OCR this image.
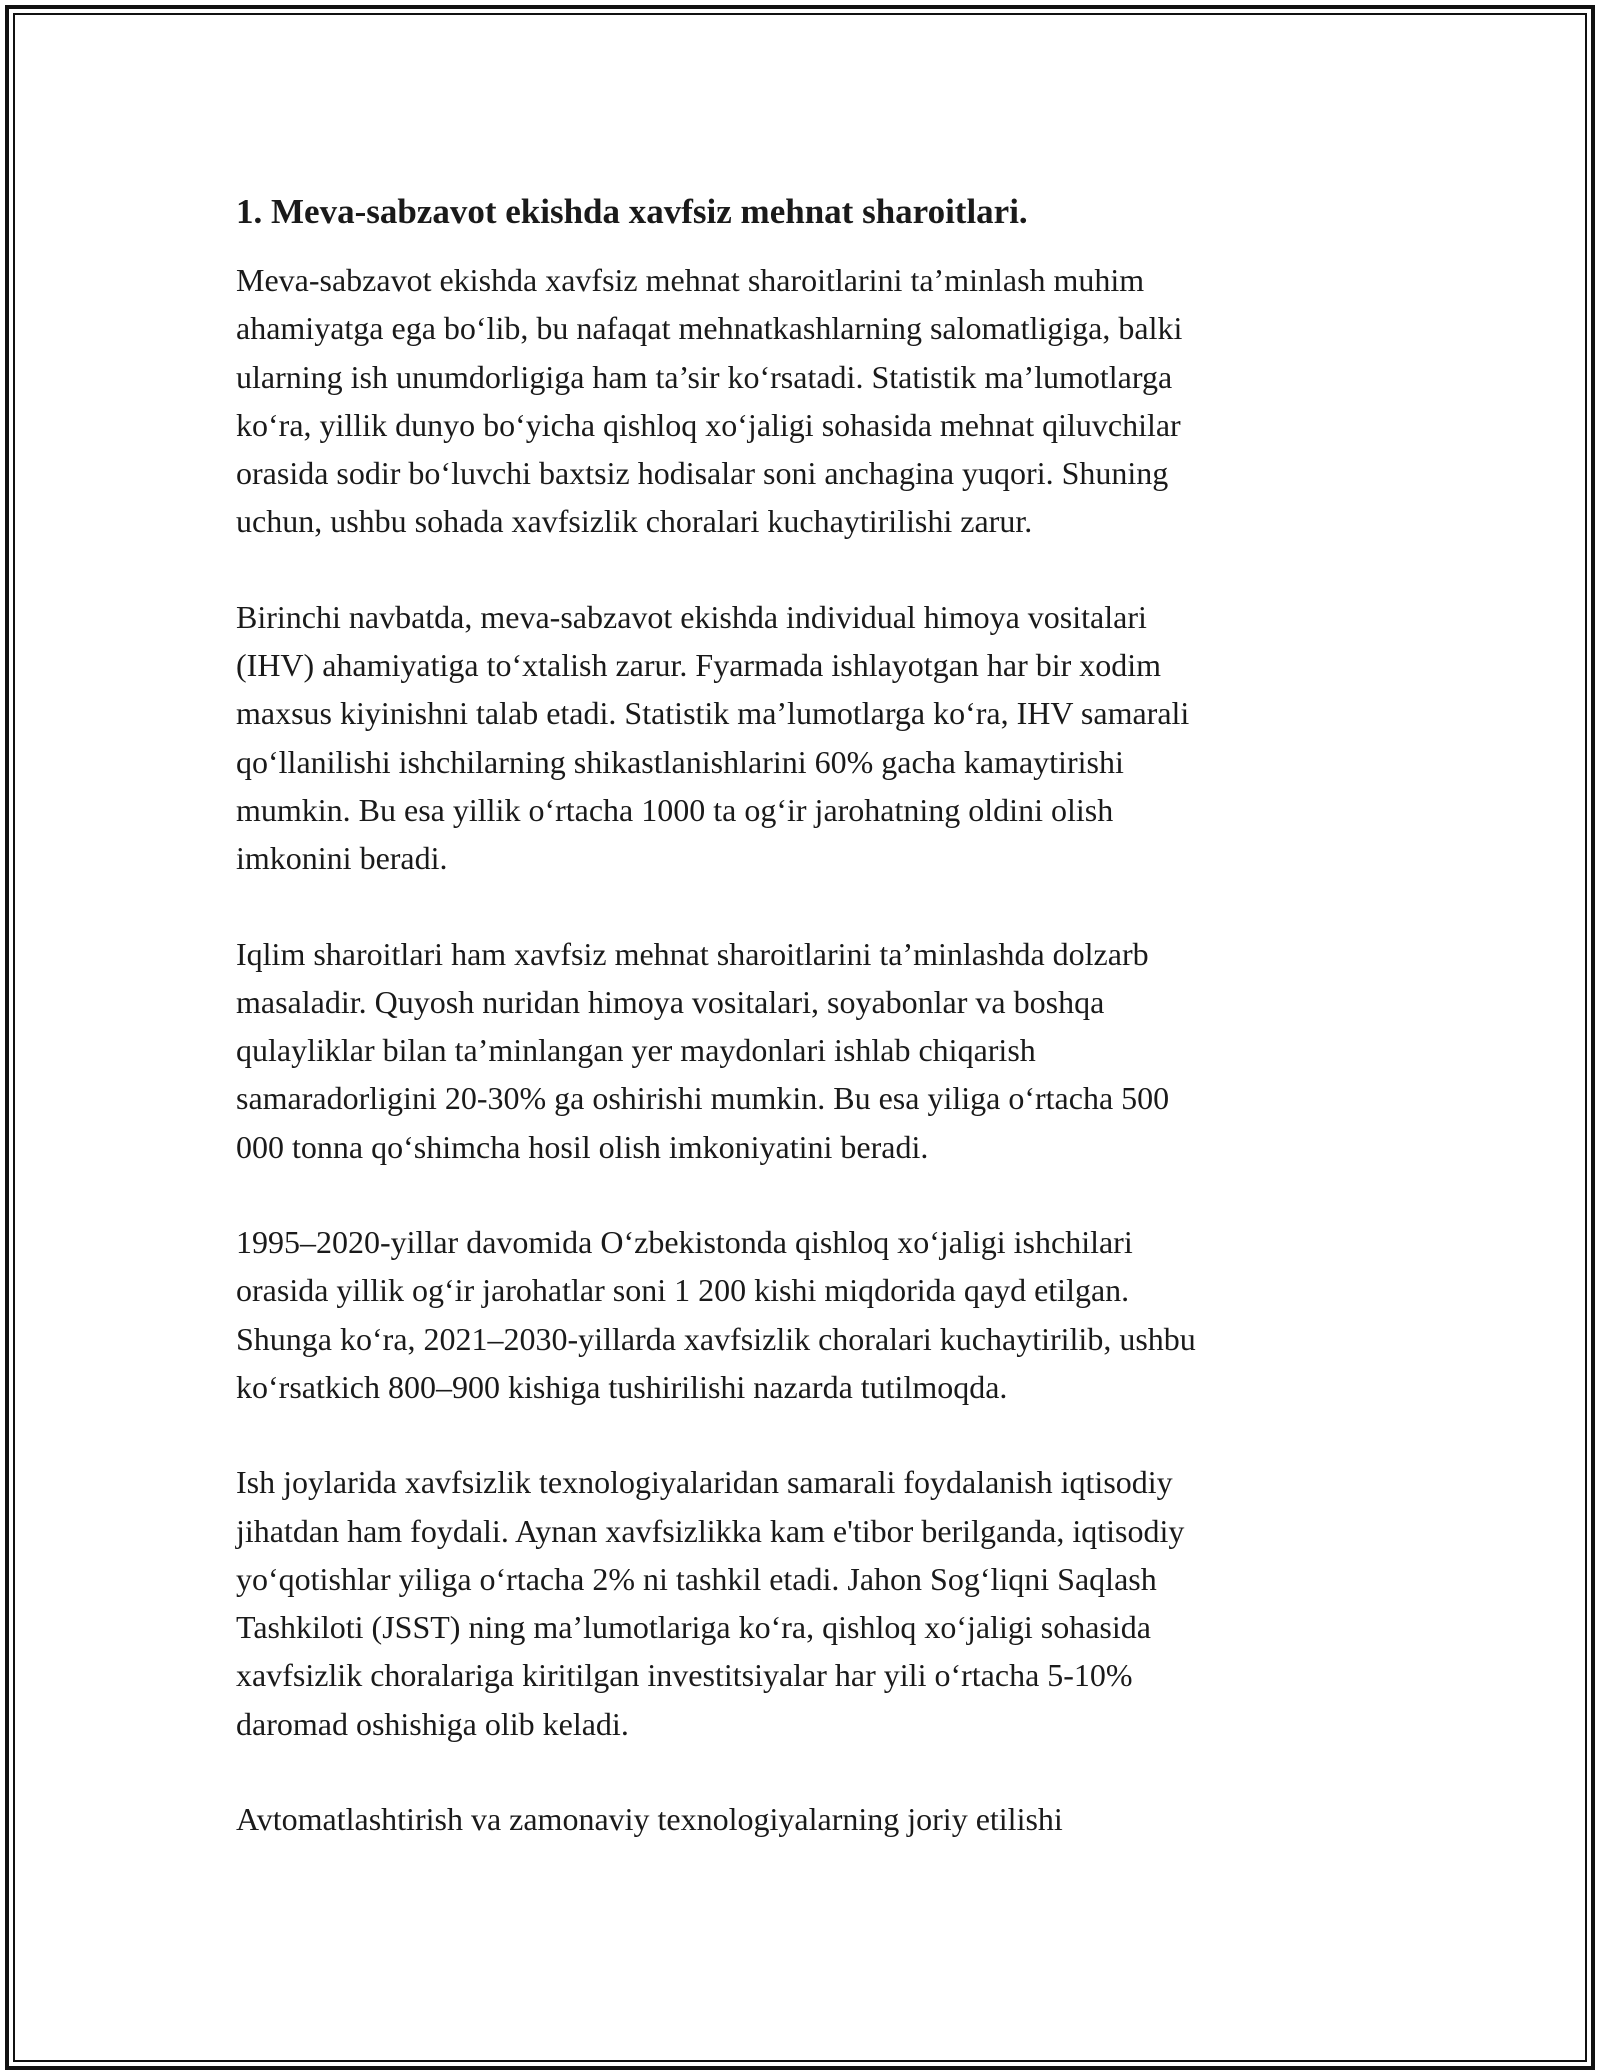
1. Meva-sabzavot ekishda xavfsiz mehnat sharoitlari.
Meva-sabzavot ekishda xavfsiz mehnat sharoitlarini ta’minlash muhim
ahamiyatga ega boʻlib, bu nafaqat mehnatkashlarning salomatligiga, balki
ularning ish unumdorligiga ham ta’sir koʻrsatadi. Statistik ma’lumotlarga
koʻra, yillik dunyo boʻyicha qishloq xoʻjaligi sohasida mehnat qiluvchilar
orasida sodir boʻluvchi baxtsiz hodisalar soni anchagina yuqori. Shuning
uchun, ushbu sohada xavfsizlik choralari kuchaytirilishi zarur.
Birinchi navbatda, meva-sabzavot ekishda individual himoya vositalari
(IHV) ahamiyatiga toʻxtalish zarur. Fyarmada ishlayotgan har bir xodim
maxsus kiyinishni talab etadi. Statistik ma’lumotlarga koʻra, IHV samarali
qoʻllanilishi ishchilarning shikastlanishlarini 60% gacha kamaytirishi
mumkin. Bu esa yillik oʻrtacha 1000 ta ogʻir jarohatning oldini olish
imkonini beradi.
Iqlim sharoitlari ham xavfsiz mehnat sharoitlarini ta’minlashda dolzarb
masaladir. Quyosh nuridan himoya vositalari, soyabonlar va boshqa
qulayliklar bilan ta’minlangan yer maydonlari ishlab chiqarish
samaradorligini 20-30% ga oshirishi mumkin. Bu esa yiliga oʻrtacha 500
000 tonna qoʻshimcha hosil olish imkoniyatini beradi.
1995–2020-yillar davomida Oʻzbekistonda qishloq xoʻjaligi ishchilari
orasida yillik ogʻir jarohatlar soni 1 200 kishi miqdorida qayd etilgan.
Shunga koʻra, 2021–2030-yillarda xavfsizlik choralari kuchaytirilib, ushbu
koʻrsatkich 800–900 kishiga tushirilishi nazarda tutilmoqda.
Ish joylarida xavfsizlik texnologiyalaridan samarali foydalanish iqtisodiy
jihatdan ham foydali. Aynan xavfsizlikka kam e'tibor berilganda, iqtisodiy
yoʻqotishlar yiliga oʻrtacha 2% ni tashkil etadi. Jahon Sogʻliqni Saqlash
Tashkiloti (JSST) ning ma’lumotlariga koʻra, qishloq xoʻjaligi sohasida
xavfsizlik choralariga kiritilgan investitsiyalar har yili oʻrtacha 5-10%
daromad oshishiga olib keladi.
Avtomatlashtirish va zamonaviy texnologiyalarning joriy etilishi
